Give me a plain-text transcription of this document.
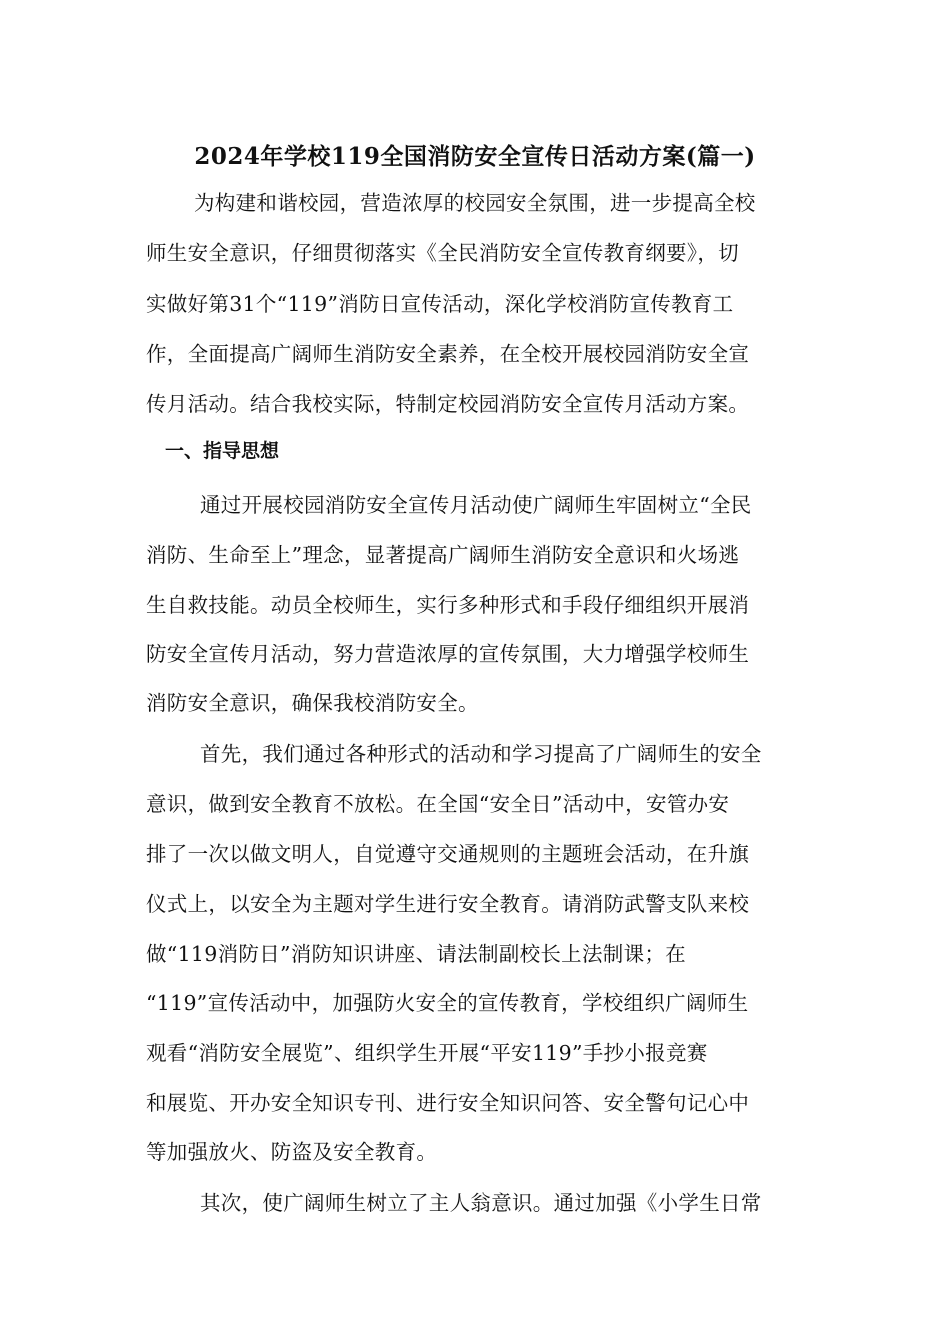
2024年学校119全国消防安全宣传日活动方案(篇一)

为构建和谐校园，营造浓厚的校园安全氛围，进一步提高全校

师生安全意识，仔细贯彻落实《全民消防安全宣传教育纲要》，切

实做好第31个“119”消防日宣传活动，深化学校消防宣传教育工

作，全面提高广阔师生消防安全素养，在全校开展校园消防安全宣

传月活动。结合我校实际，特制定校园消防安全宣传月活动方案。

一、指导思想

通过开展校园消防安全宣传月活动使广阔师生牢固树立“全民

消防、生命至上”理念，显著提高广阔师生消防安全意识和火场逃

生自救技能。动员全校师生，实行多种形式和手段仔细组织开展消

防安全宣传月活动，努力营造浓厚的宣传氛围，大力增强学校师生

消防安全意识，确保我校消防安全。

首先，我们通过各种形式的活动和学习提高了广阔师生的安全

意识，做到安全教育不放松。在全国“安全日”活动中，安管办安

排了一次以做文明人，自觉遵守交通规则的主题班会活动，在升旗

仪式上，以安全为主题对学生进行安全教育。请消防武警支队来校

做“119消防日”消防知识讲座、请法制副校长上法制课；在

“119”宣传活动中，加强防火安全的宣传教育，学校组织广阔师生

观看“消防安全展览”、组织学生开展“平安119”手抄小报竞赛

和展览、开办安全知识专刊、进行安全知识问答、安全警句记心中

等加强放火、防盗及安全教育。

其次，使广阔师生树立了主人翁意识。通过加强《小学生日常
